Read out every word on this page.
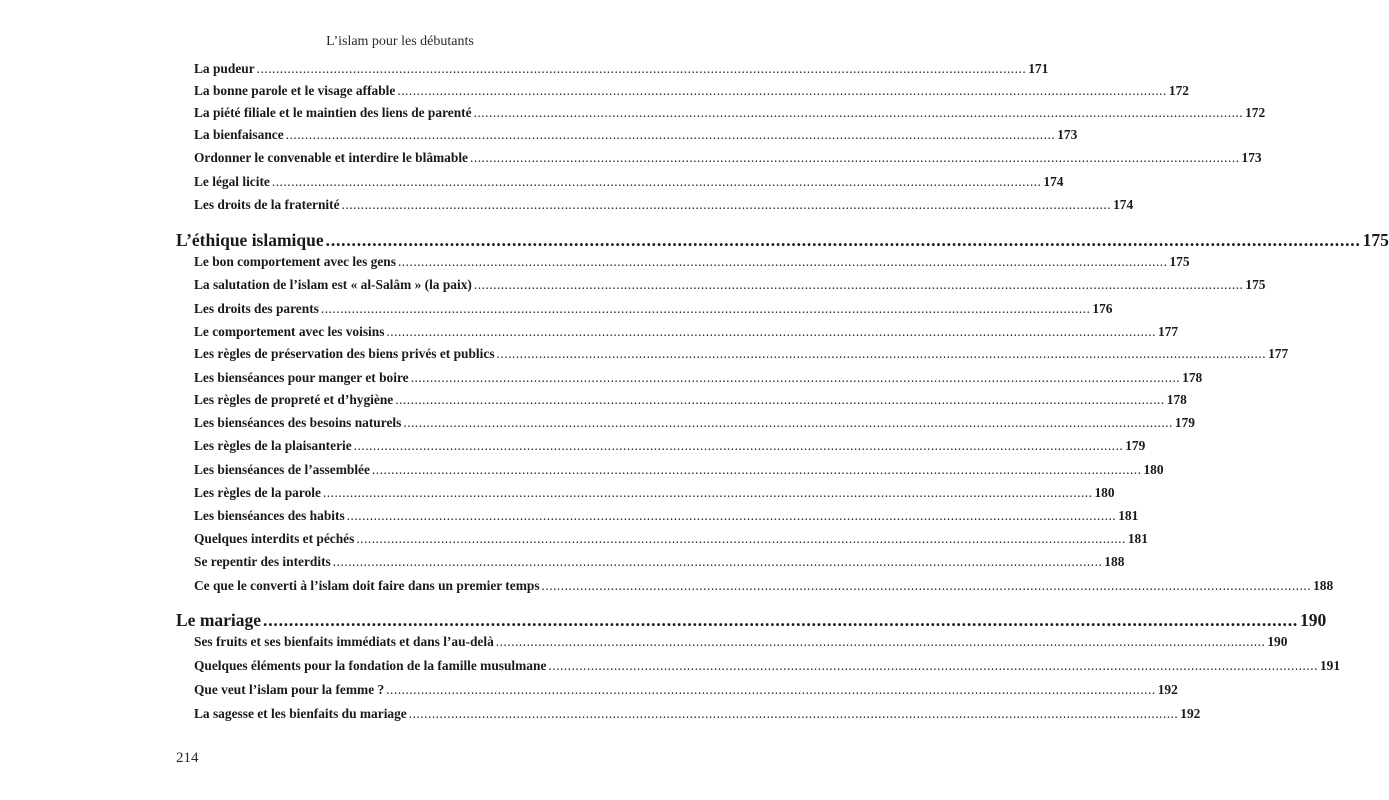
L’islam pour les débutants
La pudeur ........................................................................................................................................................................................................ 171
La bonne parole et le visage affable ........................................................................................................................................................................................................ 172
La piété filiale et le maintien des liens de parenté ........................................................................................................................................................................................................ 172
La bienfaisance ........................................................................................................................................................................................................ 173
Ordonner le convenable et interdire le blâmable ........................................................................................................................................................................................................ 173
Le légal licite ........................................................................................................................................................................................................ 174
Les droits de la fraternité ........................................................................................................................................................................................................ 174
L’éthique islamique ........................................................................................................................................................................................................ 175
Le bon comportement avec les gens ........................................................................................................................................................................................................ 175
La salutation de l’islam est « al-Salâm » (la paix) ........................................................................................................................................................................................................ 175
Les droits des parents ........................................................................................................................................................................................................ 176
Le comportement avec les voisins ........................................................................................................................................................................................................ 177
Les règles de préservation des biens privés et publics ........................................................................................................................................................................................................ 177
Les bienséances pour manger et boire ........................................................................................................................................................................................................ 178
Les règles de propreté et d’hygiène ........................................................................................................................................................................................................ 178
Les bienséances des besoins naturels ........................................................................................................................................................................................................ 179
Les règles de la plaisanterie ........................................................................................................................................................................................................ 179
Les bienséances de l’assemblée ........................................................................................................................................................................................................ 180
Les règles de la parole ........................................................................................................................................................................................................ 180
Les bienséances des habits ........................................................................................................................................................................................................ 181
Quelques interdits et péchés ........................................................................................................................................................................................................ 181
Se repentir des interdits ........................................................................................................................................................................................................ 188
Ce que le converti à l’islam doit faire dans un premier temps ........................................................................................................................................................................................................ 188
Le mariage ........................................................................................................................................................................................................ 190
Ses fruits et ses bienfaits immédiats et dans l’au-delà ........................................................................................................................................................................................................ 190
Quelques éléments pour la fondation de la famille musulmane ........................................................................................................................................................................................................ 191
Que veut l’islam pour la femme ? ........................................................................................................................................................................................................ 192
La sagesse et les bienfaits du mariage ........................................................................................................................................................................................................ 192
214
